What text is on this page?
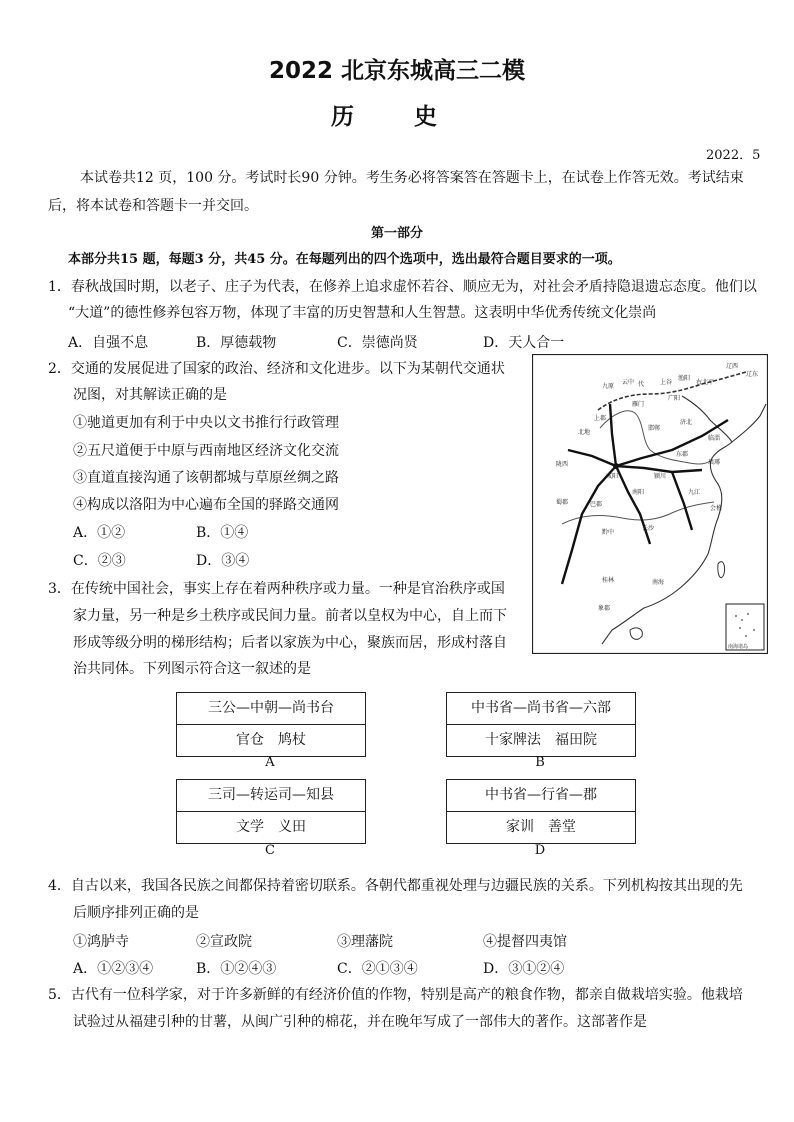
2022 北京东城高三二模
历 史
2022．5
本试卷共12 页，100 分。考试时长90 分钟。考生务必将答案答在答题卡上，在试卷上作答无效。考试结束
后，将本试卷和答题卡一并交回。
第一部分
本部分共15 题，每题3 分，共45 分。在每题列出的四个选项中，选出最符合题目要求的一项。
1．春秋战国时期，以老子、庄子为代表，在修养上追求虚怀若谷、顺应无为，对社会矛盾持隐退遗忘态度。他们以
“大道”的德性修养包容万物，体现了丰富的历史智慧和人生智慧。这表明中华优秀传统文化崇尚
A．自强不息	B．厚德载物	C．崇德尚贤	D．天人合一
2．交通的发展促进了国家的政治、经济和文化进步。以下为某朝代交通状
况图，对其解读正确的是
①驰道更加有利于中央以文书推行行政管理
②五尺道便于中原与西南地区经济文化交流
③直道直接沟通了该朝都城与草原丝绸之路
④构成以洛阳为中心遍布全国的驿路交通网
A．①②	B．①④
C．②③	D．③④
九原
云中 代	上谷
渔阳
右北平
辽西
辽东
上郡
雁门
广阳
北地
邯郸
济北
临淄
咸阳	颍川
东郡
琅琊
陇西
蜀郡	巴郡
南阳	九江
会稽
长沙
黔中
桂林	南海
象郡
南海诸岛
3．在传统中国社会，事实上存在着两种秩序或力量。一种是官治秩序或国
家力量，另一种是乡土秩序或民间力量。前者以皇权为中心，自上而下
形成等级分明的梯形结构；后者以家族为中心，聚族而居，形成村落自
治共同体。下列图示符合这一叙述的是
三公—中朝—尚书台
官仓　鸠杖
A
中书省—尚书省—六部
十家牌法　福田院
B
三司—转运司—知县
文学　义田
C
中书省—行省—郡
家训　善堂
D
4．自古以来，我国各民族之间都保持着密切联系。各朝代都重视处理与边疆民族的关系。下列机构按其出现的先
后顺序排列正确的是
①鸿胪寺	②宣政院	③理藩院	④提督四夷馆
A．①②③④	B．①②④③	C．②①③④	D．③①②④
5．古代有一位科学家，对于许多新鲜的有经济价值的作物，特别是高产的粮食作物，都亲自做栽培实验。他栽培
试验过从福建引种的甘薯，从闽广引种的棉花，并在晚年写成了一部伟大的著作。这部著作是
